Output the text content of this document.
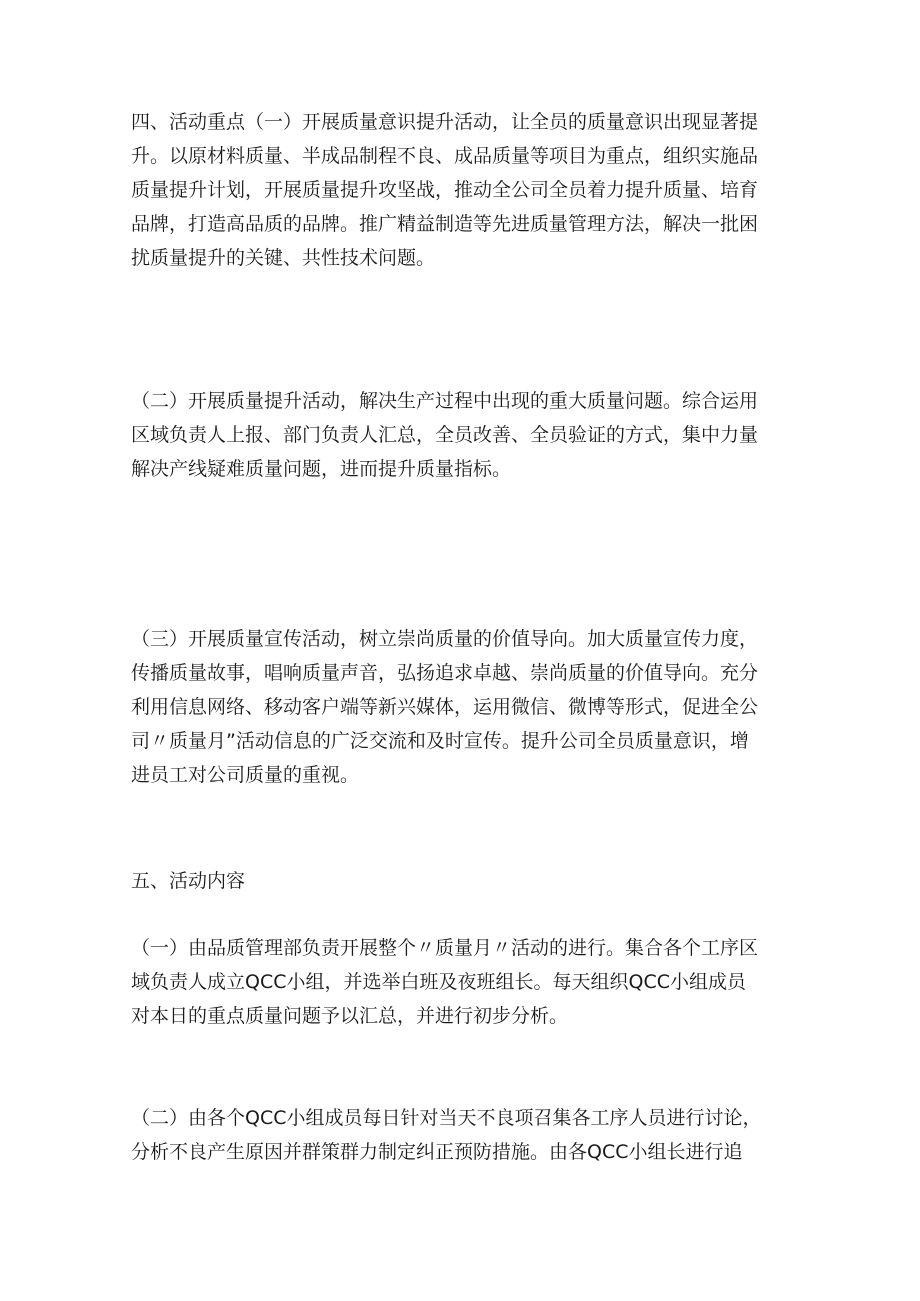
四、活动重点（一）开展质量意识提升活动，让全员的质量意识出现显著提
升。以原材料质量、半成品制程不良、成品质量等项目为重点，组织实施品
质量提升计划，开展质量提升攻坚战，推动全公司全员着力提升质量、培育
品牌，打造高品质的品牌。推广精益制造等先进质量管理方法，解决一批困
扰质量提升的关键、共性技术问题。
（二）开展质量提升活动，解决生产过程中出现的重大质量问题。综合运用
区域负责人上报、部门负责人汇总，全员改善、全员验证的方式，集中力量
解决产线疑难质量问题，进而提升质量指标。
（三）开展质量宣传活动，树立崇尚质量的价值导向。加大质量宣传力度，
传播质量故事，唱响质量声音，弘扬追求卓越、崇尚质量的价值导向。充分
利用信息网络、移动客户端等新兴媒体，运用微信、微博等形式，促进全公
司〃质量月”活动信息的广泛交流和及时宣传。提升公司全员质量意识，增
进员工对公司质量的重视。
五、活动内容
（一）由品质管理部负责开展整个〃质量月〃活动的进行。集合各个工序区
域负责人成立QCC小组，并选举白班及夜班组长。每天组织QCC小组成员
对本日的重点质量问题予以汇总，并进行初步分析。
（二）由各个QCC小组成员每日针对当天不良项召集各工序人员进行讨论，
分析不良产生原因并群策群力制定纠正预防措施。由各QCC小组长进行追
